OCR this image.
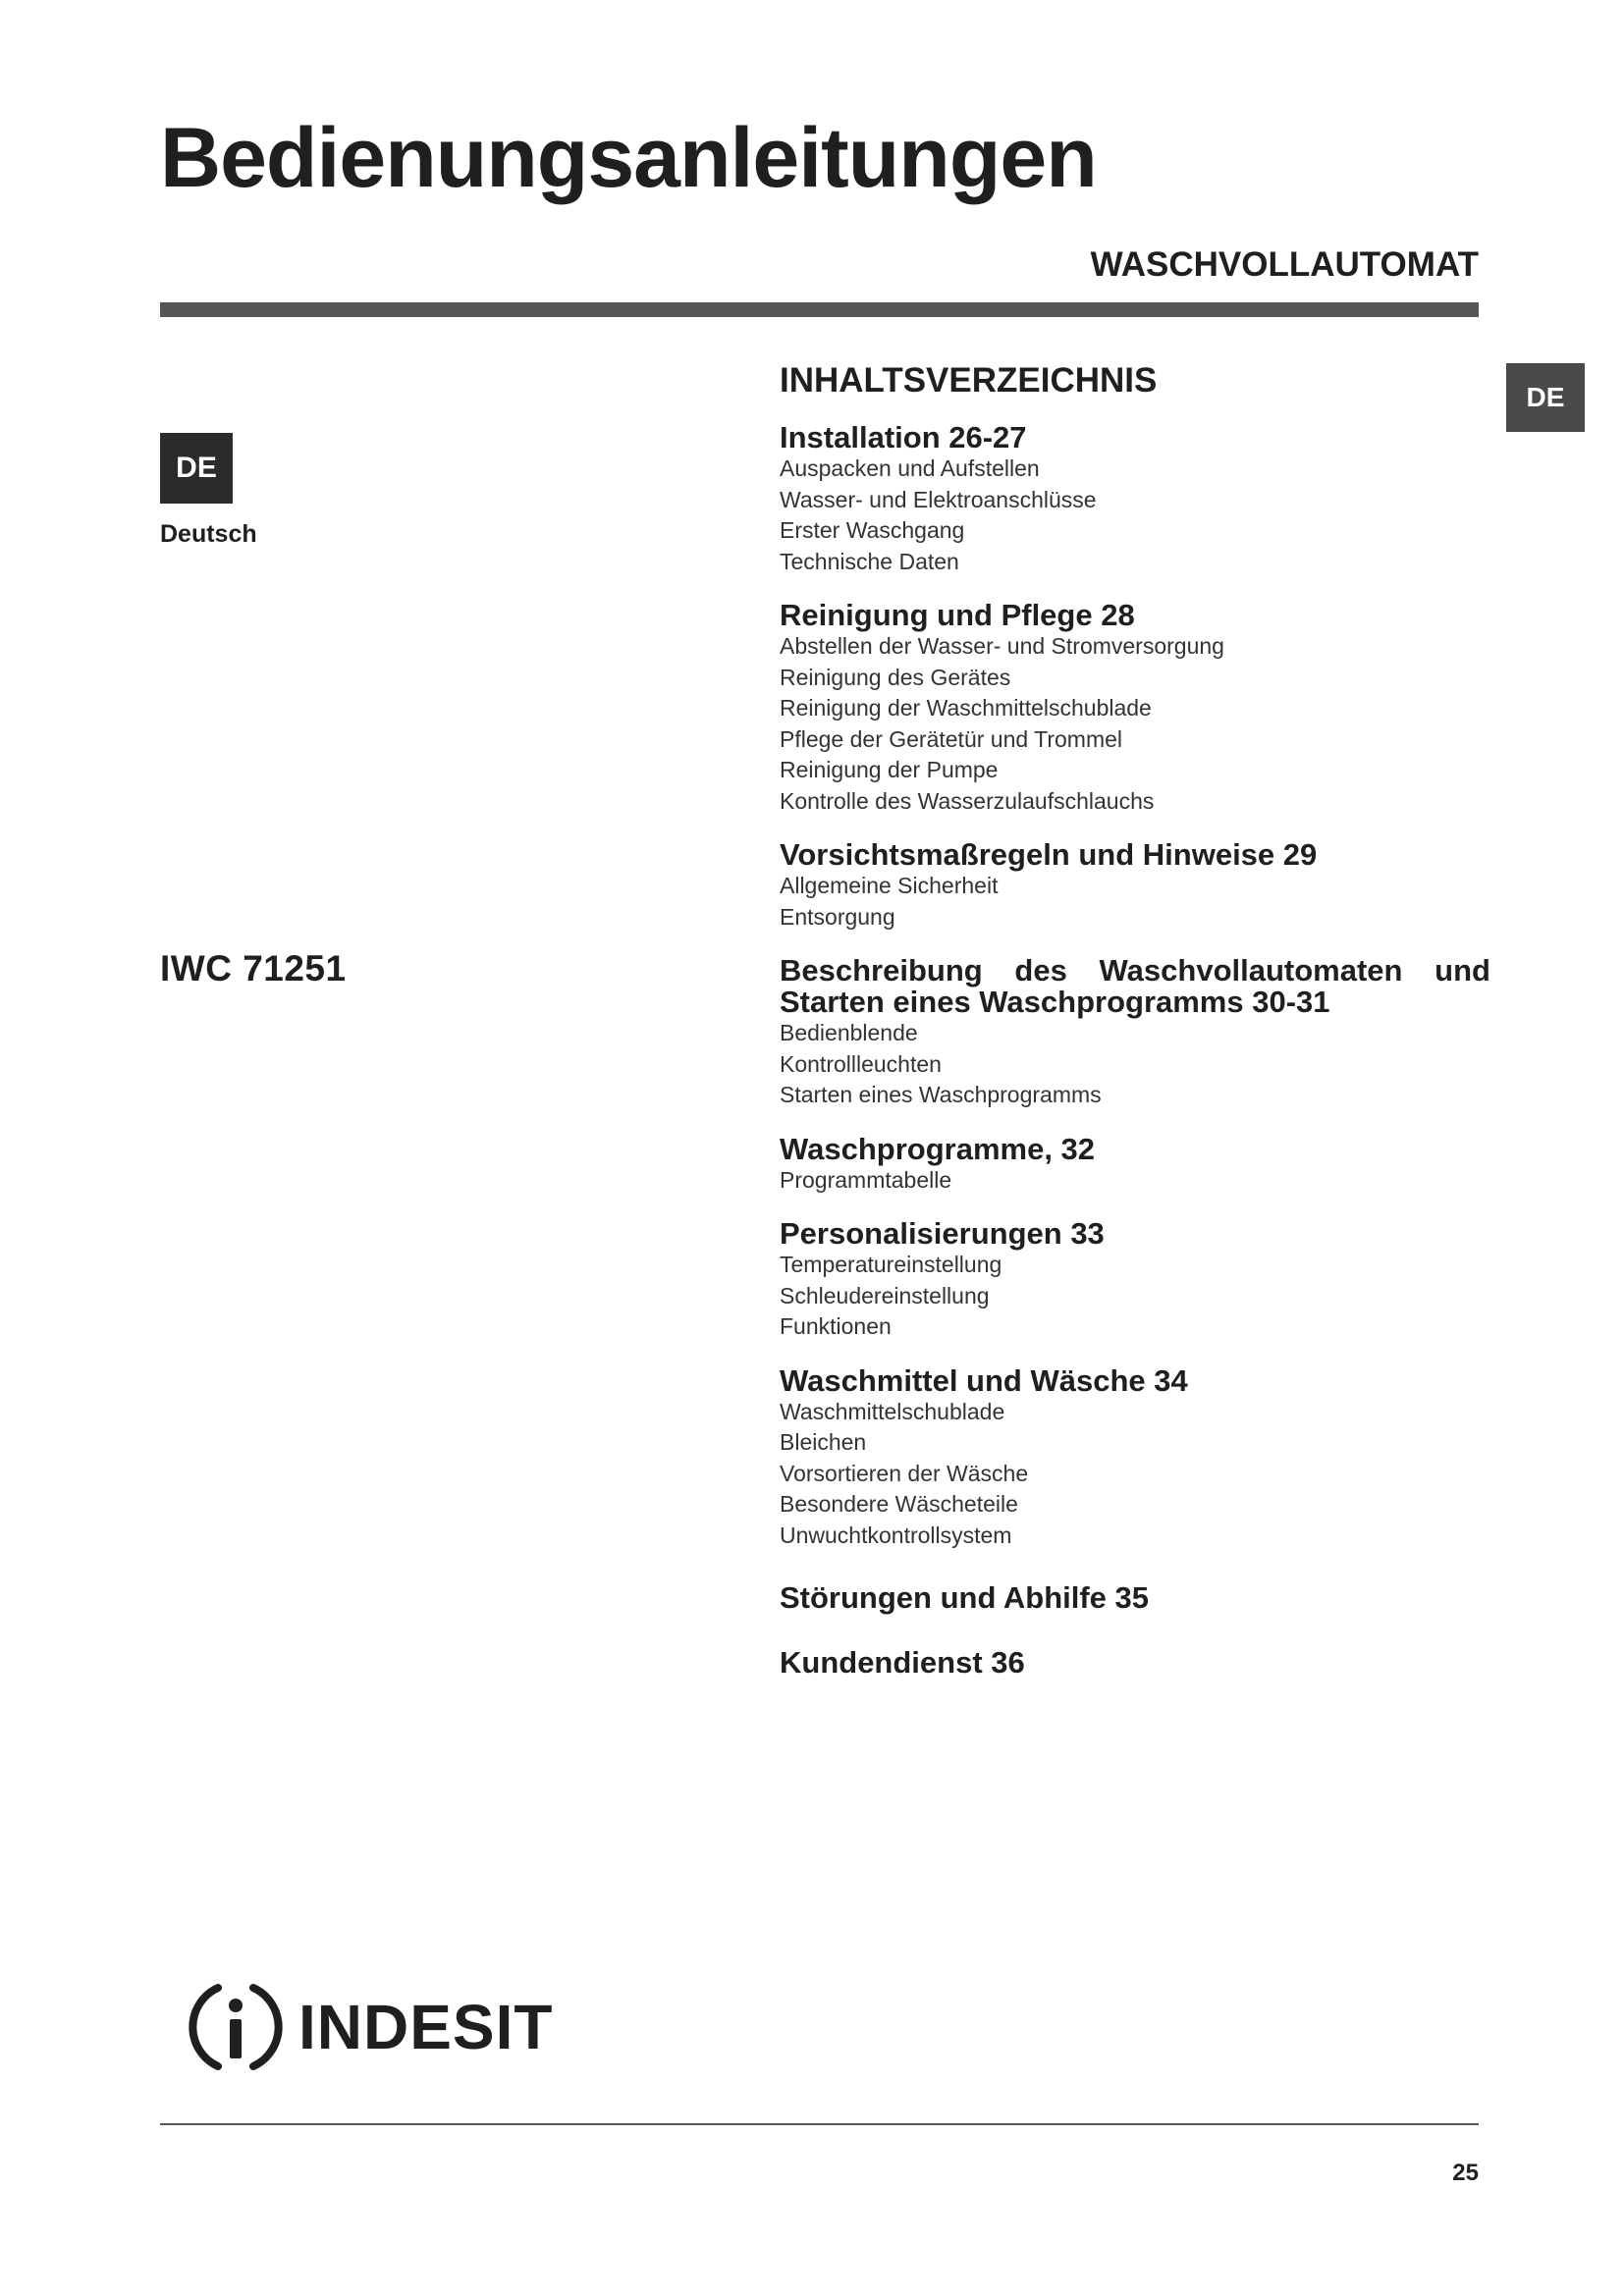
Bedienungsanleitungen
WASCHVOLLAUTOMAT
DE
Deutsch
DE
IWC 71251
INHALTSVERZEICHNIS
Installation 26-27
Auspacken und Aufstellen
Wasser- und Elektroanschlüsse
Erster Waschgang
Technische Daten
Reinigung und Pflege 28
Abstellen der Wasser- und Stromversorgung
Reinigung des Gerätes
Reinigung der Waschmittelschublade
Pflege der Gerätetür und Trommel
Reinigung der Pumpe
Kontrolle des Wasserzulaufschlauchs
Vorsichtsmaßregeln und Hinweise 29
Allgemeine Sicherheit
Entsorgung
Beschreibung des Waschvollautomaten und
Starten eines Waschprogramms 30-31
Bedienblende
Kontrollleuchten
Starten eines Waschprogramms
Waschprogramme, 32
Programmtabelle
Personalisierungen 33
Temperatureinstellung
Schleudereinstellung
Funktionen
Waschmittel und Wäsche 34
Waschmittelschublade
Bleichen
Vorsortieren der Wäsche
Besondere Wäscheteile
Unwuchtkontrollsystem
Störungen und Abhilfe 35
Kundendienst 36
INDESIT
25
